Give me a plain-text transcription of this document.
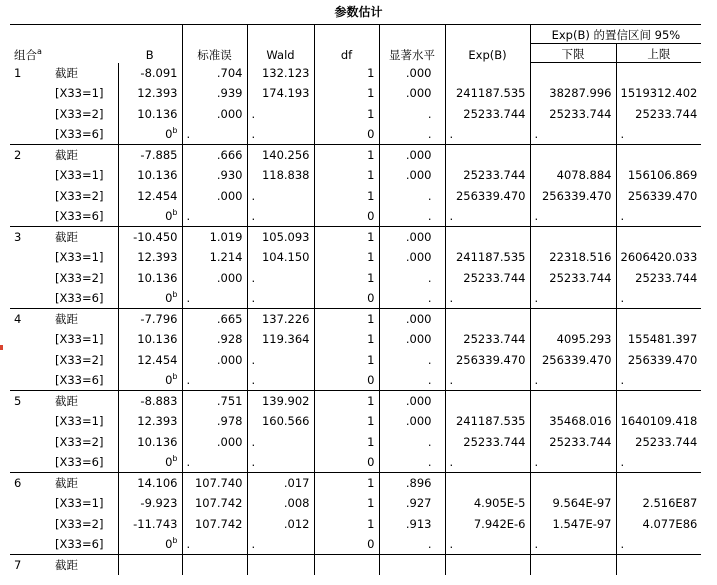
参数估计
组合$^a$		B	标准误	Wald	df	显著水平	Exp(B)	Exp(B) 的置信区间 95%	
								下限	上限
1	截距	-8.091	.704	132.123	1	.000			
	[X33=1]	12.393	.939	174.193	1	.000	241187.535	38287.996	1519312.402
	[X33=2]	10.136	.000	.	1	.	25233.744	25233.744	25233.744
	[X33=6]	0$^b$	.	.	0	.	.	.	.
2	截距	-7.885	.666	140.256	1	.000			
	[X33=1]	10.136	.930	118.838	1	.000	25233.744	4078.884	156106.869
	[X33=2]	12.454	.000	.	1	.	256339.470	256339.470	256339.470
	[X33=6]	0$^b$	.	.	0	.	.	.	.
3	截距	-10.450	1.019	105.093	1	.000			
	[X33=1]	12.393	1.214	104.150	1	.000	241187.535	22318.516	2606420.033
	[X33=2]	10.136	.000	.	1	.	25233.744	25233.744	25233.744
	[X33=6]	0$^b$	.	.	0	.	.	.	.
4	截距	-7.796	.665	137.226	1	.000			
	[X33=1]	10.136	.928	119.364	1	.000	25233.744	4095.293	155481.397
	[X33=2]	12.454	.000	.	1	.	256339.470	256339.470	256339.470
	[X33=6]	0$^b$	.	.	0	.	.	.	.
5	截距	-8.883	.751	139.902	1	.000			
	[X33=1]	12.393	.978	160.566	1	.000	241187.535	35468.016	1640109.418
	[X33=2]	10.136	.000	.	1	.	25233.744	25233.744	25233.744
	[X33=6]	0$^b$	.	.	0	.	.	.	.
6	截距	14.106	107.740	.017	1	.896			
	[X33=1]	-9.923	107.742	.008	1	.927	4.905E-5	9.564E-97	2.516E87
	[X33=2]	-11.743	107.742	.012	1	.913	7.942E-6	1.547E-97	4.077E86
	[X33=6]	0$^b$	.	.	0	.	.	.	.
7	截距								
